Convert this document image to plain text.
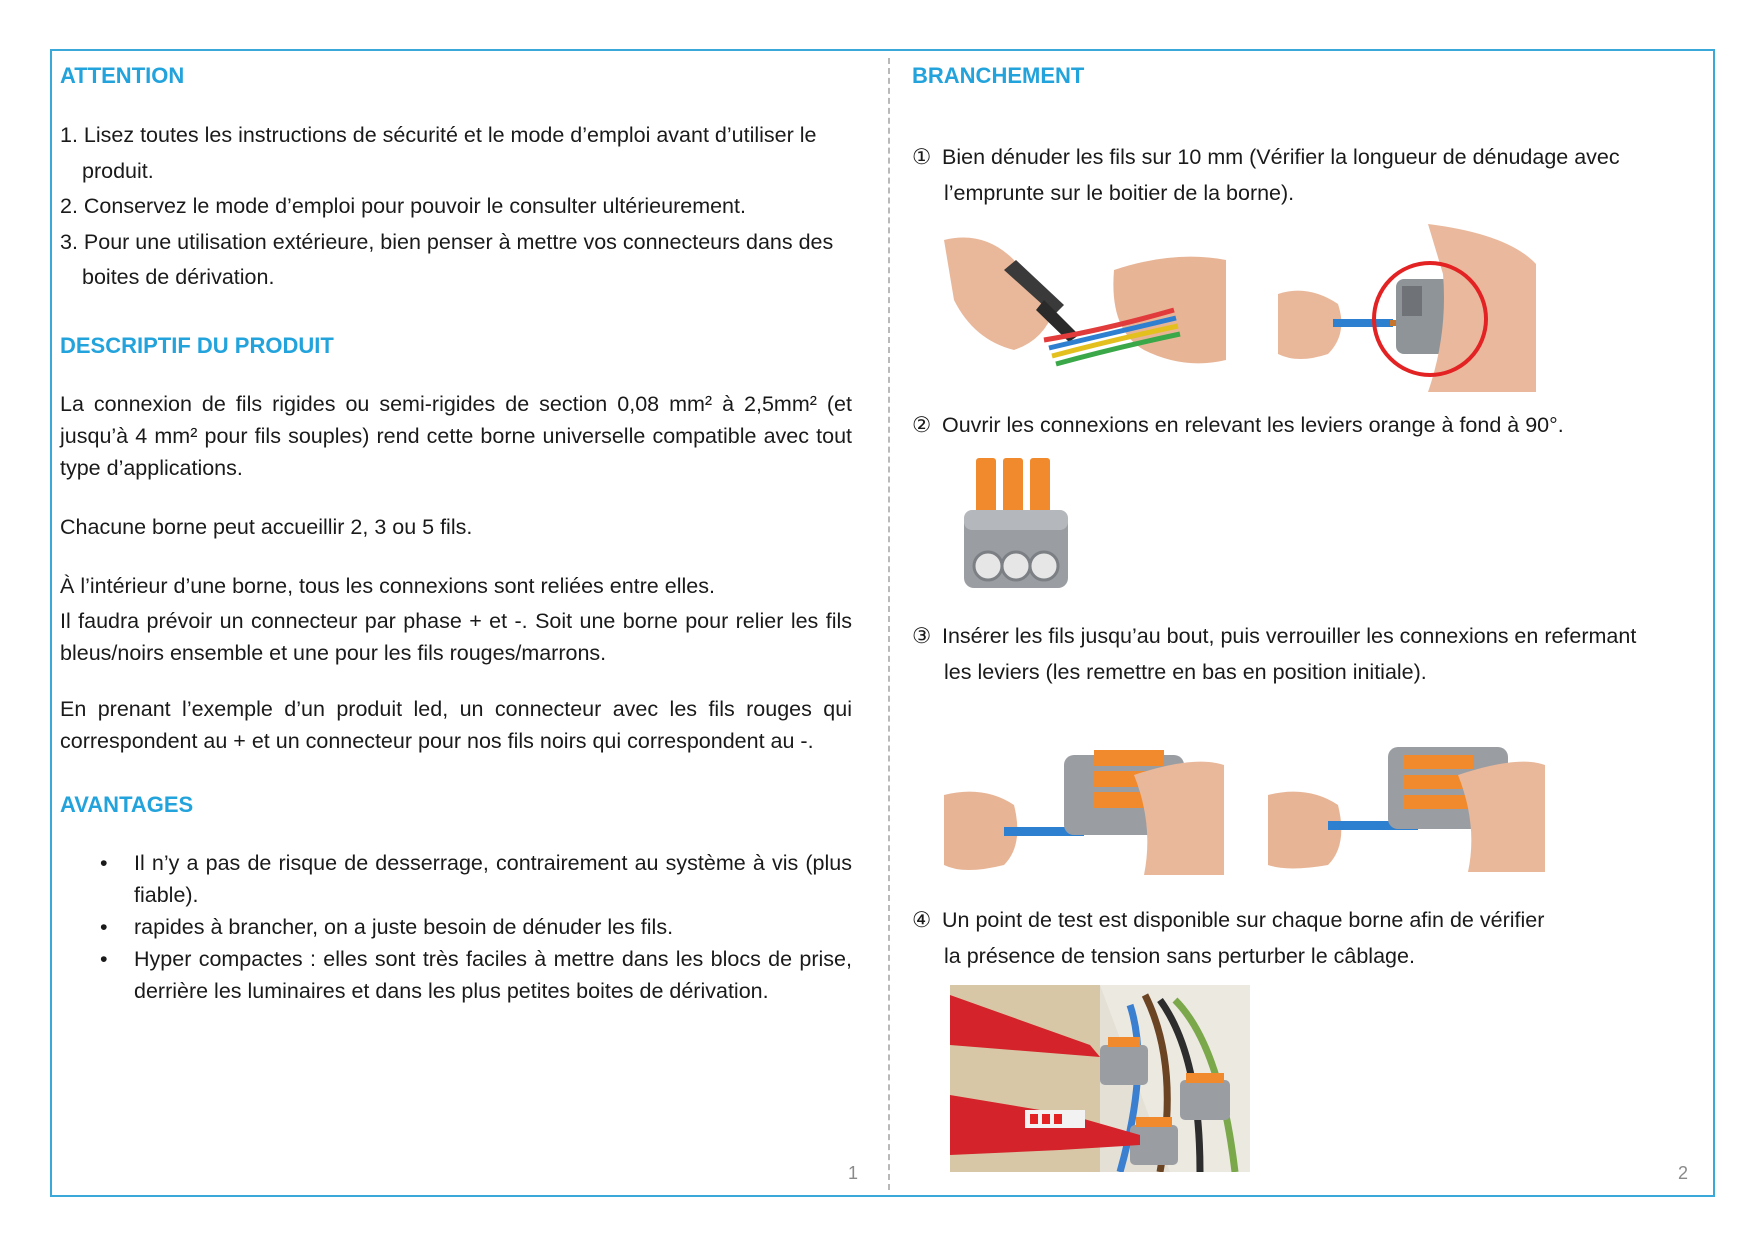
ATTENTION
1. Lisez toutes les instructions de sécurité et le mode d’emploi avant d’utiliser le produit.
2. Conservez le mode d’emploi pour pouvoir le consulter ultérieurement.
3. Pour une utilisation extérieure, bien penser à mettre vos connecteurs dans des boites de dérivation.
DESCRIPTIF DU PRODUIT

La connexion de fils rigides ou semi-rigides de section 0,08 mm² à 2,5mm² (et jusqu’à 4 mm² pour fils souples) rend cette borne universelle compatible avec tout type d’applications.

Chacune borne peut accueillir 2, 3 ou 5 fils.

À l’intérieur d’une borne, tous les connexions sont reliées entre elles.

Il faudra prévoir un connecteur par phase + et -. Soit une borne pour relier les fils bleus/noirs ensemble et une pour les fils rouges/marrons.

En prenant l’exemple d’un produit led, un connecteur avec les fils rouges qui correspondent au + et un connecteur pour nos fils noirs qui correspondent au -.

AVANTAGES
• Il n’y a pas de risque de desserrage, contrairement au système à vis (plus fiable).
• rapides à brancher, on a juste besoin de dénuder les fils.
• Hyper compactes : elles sont très faciles à mettre dans les blocs de prise, derrière les luminaires et dans les plus petites boites de dérivation.
1
BRANCHEMENT
① Bien dénuder les fils sur 10 mm (Vérifier la longueur de dénudage avec
l’emprunte sur le boitier de la borne).
② Ouvrir les connexions en relevant les leviers orange à fond à 90°.
③ Insérer les fils jusqu’au bout, puis verrouiller les connexions en refermant
les leviers (les remettre en bas en position initiale).
④ Un point de test est disponible sur chaque borne afin de vérifier
la présence de tension sans perturber le câblage.
2
